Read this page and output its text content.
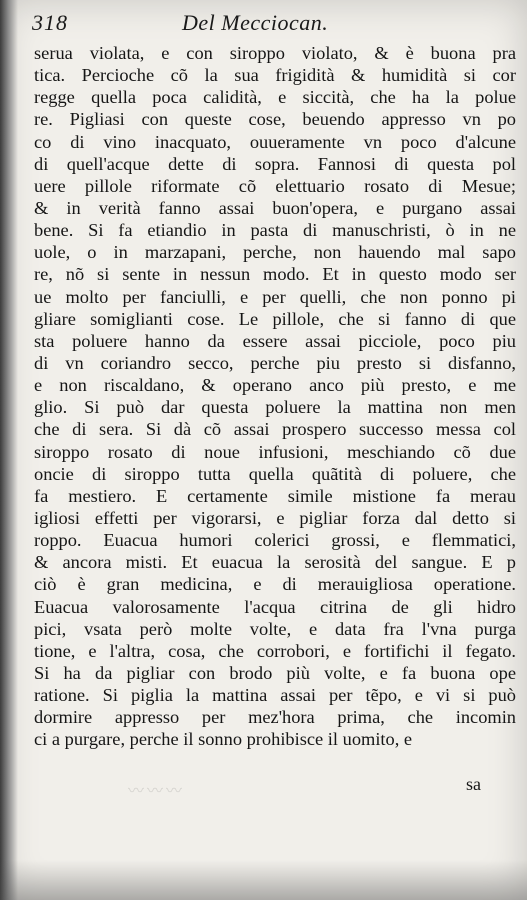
318	Del Mecciocan.
serua violata, e con siroppo violato, & è buona pra
tica. Percioche cõ la sua frigidità & humidità si cor
regge quella poca calidità, e siccità, che ha la polue
re. Pigliasi con queste cose, beuendo appresso vn po
co di vino inacquato, ouueramente vn poco d'alcune
di quell'acque dette di sopra. Fannosi di questa pol
uere pillole riformate cõ elettuario rosato di Mesue;
& in verità fanno assai buon'opera, e purgano assai
bene. Si fa etiandio in pasta di manuschristi, ò in ne
uole, o in marzapani, perche, non hauendo mal sapo
re, nõ si sente in nessun modo. Et in questo modo ser
ue molto per fanciulli, e per quelli, che non ponno pi
gliare somiglianti cose. Le pillole, che si fanno di que
sta poluere hanno da essere assai picciole, poco piu
di vn coriandro secco, perche piu presto si disfanno,
e non riscaldano, & operano anco più presto, e me
glio. Si può dar questa poluere la mattina non men
che di sera. Si dà cõ assai prospero successo messa col
siroppo rosato di noue infusioni, meschiando cõ due
oncie di siroppo tutta quella quãtità di poluere, che
fa mestiero. E certamente simile mistione fa merau
igliosi effetti per vigorarsi, e pigliar forza dal detto si
roppo. Euacua humori colerici grossi, e flemmatici,
& ancora misti. Et euacua la serosità del sangue. E p
ciò è gran medicina, e di merauigliosa operatione.
Euacua valorosamente l'acqua citrina de gli hidro
pici, vsata però molte volte, e data fra l'vna purga
tione, e l'altra, cosa, che corrobori, e fortifichi il fegato.
Si ha da pigliar con brodo più volte, e fa buona ope
ratione. Si piglia la mattina assai per tẽpo, e vi si può
dormire appresso per mez'hora prima, che incomin
ci a purgare, perche il sonno prohibisce il uomito, e
〰〰〰	sa
